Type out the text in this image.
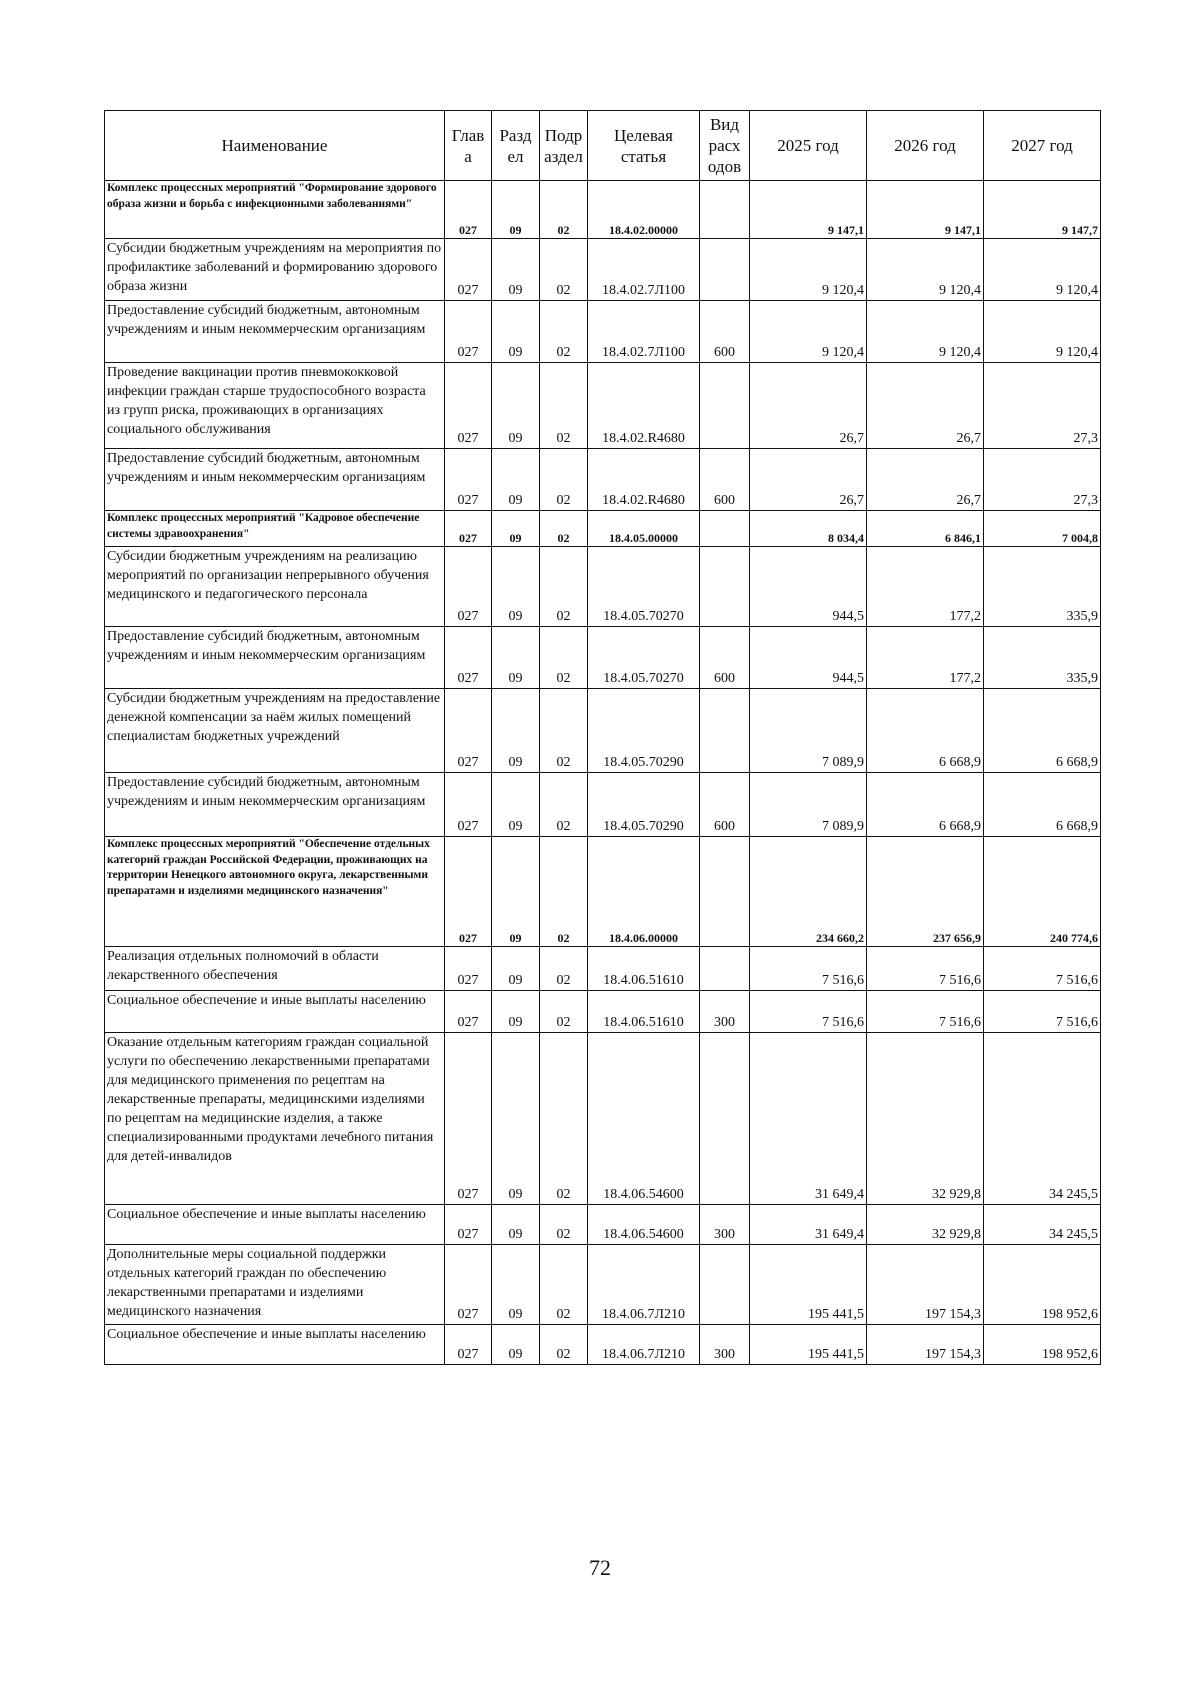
Наименование	Глав а	Разд ел	Подр аздел	Целевая статья	Вид расх одов	2025 год	2026 год	2027 год
Комплекс процессных мероприятий "Формирование здорового образа жизни и борьба с инфекционными заболеваниями"	027	09	02	18.4.02.00000		9 147,1	9 147,1	9 147,7
Субсидии бюджетным учреждениям на мероприятия по профилактике заболеваний и формированию здорового образа жизни	027	09	02	18.4.02.7Л100		9 120,4	9 120,4	9 120,4
Предоставление субсидий бюджетным, автономным учреждениям и иным некоммерческим организациям	027	09	02	18.4.02.7Л100	600	9 120,4	9 120,4	9 120,4
Проведение вакцинации против пневмококковой инфекции граждан старше трудоспособного возраста из групп риска, проживающих в организациях социального обслуживания	027	09	02	18.4.02.R4680		26,7	26,7	27,3
Предоставление субсидий бюджетным, автономным учреждениям и иным некоммерческим организациям	027	09	02	18.4.02.R4680	600	26,7	26,7	27,3
Комплекс процессных мероприятий "Кадровое обеспечение системы здравоохранения"	027	09	02	18.4.05.00000		8 034,4	6 846,1	7 004,8
Субсидии бюджетным учреждениям на реализацию мероприятий по организации непрерывного обучения медицинского и педагогического персонала	027	09	02	18.4.05.70270		944,5	177,2	335,9
Предоставление субсидий бюджетным, автономным учреждениям и иным некоммерческим организациям	027	09	02	18.4.05.70270	600	944,5	177,2	335,9
Субсидии бюджетным учреждениям на предоставление денежной компенсации за наём жилых помещений специалистам бюджетных учреждений	027	09	02	18.4.05.70290		7 089,9	6 668,9	6 668,9
Предоставление субсидий бюджетным, автономным учреждениям и иным некоммерческим организациям	027	09	02	18.4.05.70290	600	7 089,9	6 668,9	6 668,9
Комплекс процессных мероприятий "Обеспечение отдельных категорий граждан Российской Федерации, проживающих на территории Ненецкого автономного округа, лекарственными препаратами и изделиями медицинского назначения"	027	09	02	18.4.06.00000		234 660,2	237 656,9	240 774,6
Реализация отдельных полномочий в области лекарственного обеспечения	027	09	02	18.4.06.51610		7 516,6	7 516,6	7 516,6
Социальное обеспечение и иные выплаты населению	027	09	02	18.4.06.51610	300	7 516,6	7 516,6	7 516,6
Оказание отдельным категориям граждан социальной услуги по обеспечению лекарственными препаратами для медицинского применения по рецептам на лекарственные препараты, медицинскими изделиями по рецептам на медицинские изделия, а также специализированными продуктами лечебного питания для детей-инвалидов	027	09	02	18.4.06.54600		31 649,4	32 929,8	34 245,5
Социальное обеспечение и иные выплаты населению	027	09	02	18.4.06.54600	300	31 649,4	32 929,8	34 245,5
Дополнительные меры социальной поддержки отдельных категорий граждан по обеспечению лекарственными препаратами и изделиями медицинского назначения	027	09	02	18.4.06.7Л210		195 441,5	197 154,3	198 952,6
Социальное обеспечение и иные выплаты населению	027	09	02	18.4.06.7Л210	300	195 441,5	197 154,3	198 952,6
72
